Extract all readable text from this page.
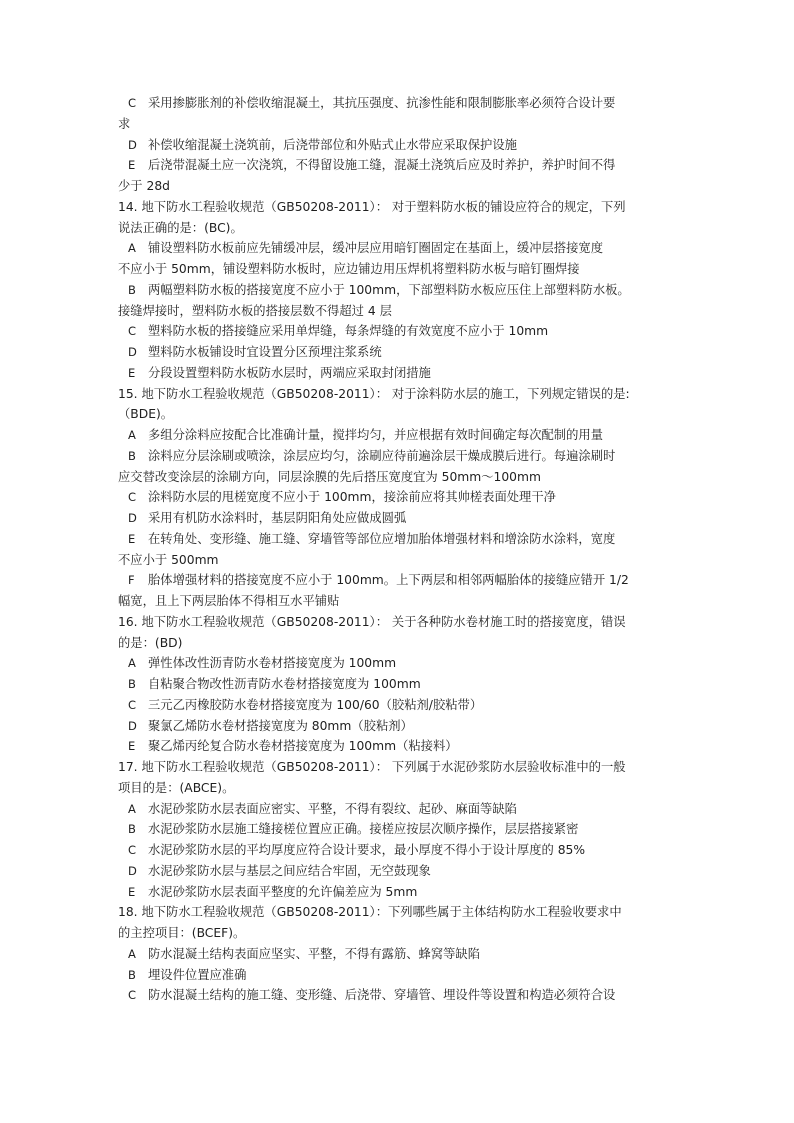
C 采用掺膨胀剂的补偿收缩混凝土，其抗压强度、抗渗性能和限制膨胀率必须符合设计要
求
D 补偿收缩混凝土浇筑前，后浇带部位和外贴式止水带应采取保护设施
E 后浇带混凝土应一次浇筑，不得留设施工缝，混凝土浇筑后应及时养护，养护时间不得
少于 28d
14. 地下防水工程验收规范（GB50208-2011）： 对于塑料防水板的铺设应符合的规定，下列
说法正确的是：(BC)。
A 铺设塑料防水板前应先铺缓冲层，缓冲层应用暗钉圈固定在基面上，缓冲层搭接宽度
不应小于 50mm，铺设塑料防水板时，应边铺边用压焊机将塑料防水板与暗钉圈焊接
B 两幅塑料防水板的搭接宽度不应小于 100mm，下部塑料防水板应压住上部塑料防水板。
接缝焊接时，塑料防水板的搭接层数不得超过 4 层
C 塑料防水板的搭接缝应采用单焊缝，每条焊缝的有效宽度不应小于 10mm
D 塑料防水板铺设时宜设置分区预埋注浆系统
E 分段设置塑料防水板防水层时，两端应采取封闭措施
15. 地下防水工程验收规范（GB50208-2011）： 对于涂料防水层的施工，下列规定错误的是:
（BDE)。
A 多组分涂料应按配合比准确计量，搅拌均匀，并应根据有效时间确定每次配制的用量
B 涂料应分层涂刷或喷涂，涂层应均匀，涂刷应待前遍涂层干燥成膜后进行。每遍涂刷时
应交替改变涂层的涂刷方向，同层涂膜的先后搭压宽度宜为 50mm～100mm
C 涂料防水层的甩槎宽度不应小于 100mm，接涂前应将其帅槎表面处理干净
D 采用有机防水涂料时，基层阴阳角处应做成圆弧
E 在转角处、变形缝、施工缝、穿墙管等部位应增加胎体增强材料和增涂防水涂料，宽度
不应小于 500mm
F 胎体增强材料的搭接宽度不应小于 100mm。上下两层和相邻两幅胎体的接缝应错开 1/2
幅宽，且上下两层胎体不得相互水平铺贴
16. 地下防水工程验收规范（GB50208-2011）： 关于各种防水卷材施工时的搭接宽度，错误
的是：(BD)
A 弹性体改性沥青防水卷材搭接宽度为 100mm
B 自粘聚合物改性沥青防水卷材搭接宽度为 100mm
C 三元乙丙橡胶防水卷材搭接宽度为 100/60（胶粘剂/胶粘带）
D 聚氯乙烯防水卷材搭接宽度为 80mm（胶粘剂）
E 聚乙烯丙纶复合防水卷材搭接宽度为 100mm（粘接料）
17. 地下防水工程验收规范（GB50208-2011）： 下列属于水泥砂浆防水层验收标准中的一般
项目的是：(ABCE)。
A 水泥砂浆防水层表面应密实、平整，不得有裂纹、起砂、麻面等缺陷
B 水泥砂浆防水层施工缝接槎位置应正确。接槎应按层次顺序操作，层层搭接紧密
C 水泥砂浆防水层的平均厚度应符合设计要求，最小厚度不得小于设计厚度的 85%
D 水泥砂浆防水层与基层之间应结合牢固，无空鼓现象
E 水泥砂浆防水层表面平整度的允许偏差应为 5mm
18. 地下防水工程验收规范（GB50208-2011）：下列哪些属于主体结构防水工程验收要求中
的主控项目：(BCEF)。
A 防水混凝土结构表面应坚实、平整，不得有露筋、蜂窝等缺陷
B 埋设件位置应准确
C 防水混凝土结构的施工缝、变形缝、后浇带、穿墙管、埋设件等设置和构造必须符合设
